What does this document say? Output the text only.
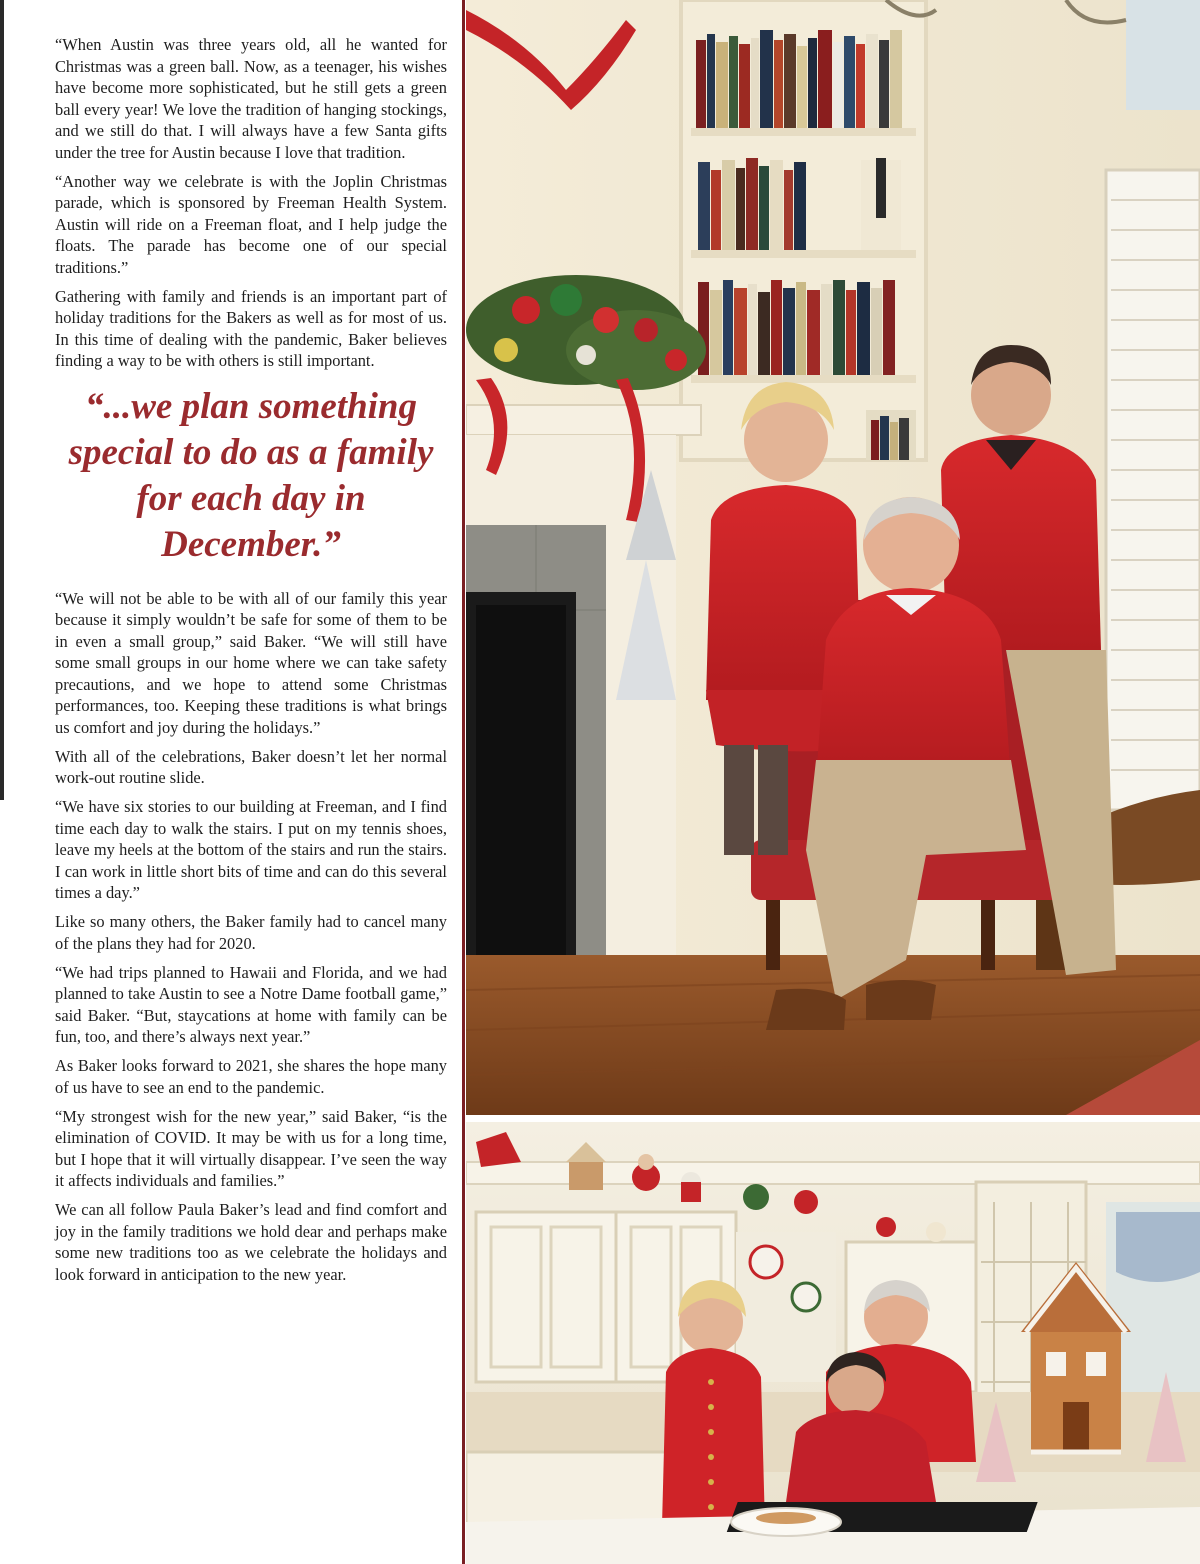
“When Austin was three years old, all he wanted for Christmas was a green ball. Now, as a teenager, his wishes have become more sophisticated, but he still gets a green ball every year! We love the tradition of hanging stockings, and we still do that. I will always have a few Santa gifts under the tree for Austin because I love that tradition.

“Another way we celebrate is with the Joplin Christmas parade, which is sponsored by Freeman Health System. Austin will ride on a Freeman float, and I help judge the floats. The parade has become one of our special traditions.”

Gathering with family and friends is an important part of holiday traditions for the Bakers as well as for most of us. In this time of dealing with the pandemic, Baker believes finding a way to be with others is still important.

“...we plan something special to do as a family for each day in December.”

“We will not be able to be with all of our family this year because it simply wouldn’t be safe for some of them to be in even a small group,” said Baker. “We will still have some small groups in our home where we can take safety precautions, and we hope to attend some Christmas performances, too. Keeping these traditions is what brings us comfort and joy during the holidays.”

With all of the celebrations, Baker doesn’t let her normal work-out routine slide.

“We have six stories to our building at Freeman, and I find time each day to walk the stairs. I put on my tennis shoes, leave my heels at the bottom of the stairs and run the stairs. I can work in little short bits of time and can do this several times a day.”

Like so many others, the Baker family had to cancel many of the plans they had for 2020.

“We had trips planned to Hawaii and Florida, and we had planned to take Austin to see a Notre Dame football game,” said Baker. “But, staycations at home with family can be fun, too, and there’s always next year.”

As Baker looks forward to 2021, she shares the hope many of us have to see an end to the pandemic.

“My strongest wish for the new year,” said Baker, “is the elimination of COVID. It may be with us for a long time, but I hope that it will virtually disappear. I’ve seen the way it affects individuals and families.”

We can all follow Paula Baker’s lead and find comfort and joy in the family traditions we hold dear and perhaps make some new traditions too as we celebrate the holidays and look forward in anticipation to the new year.
